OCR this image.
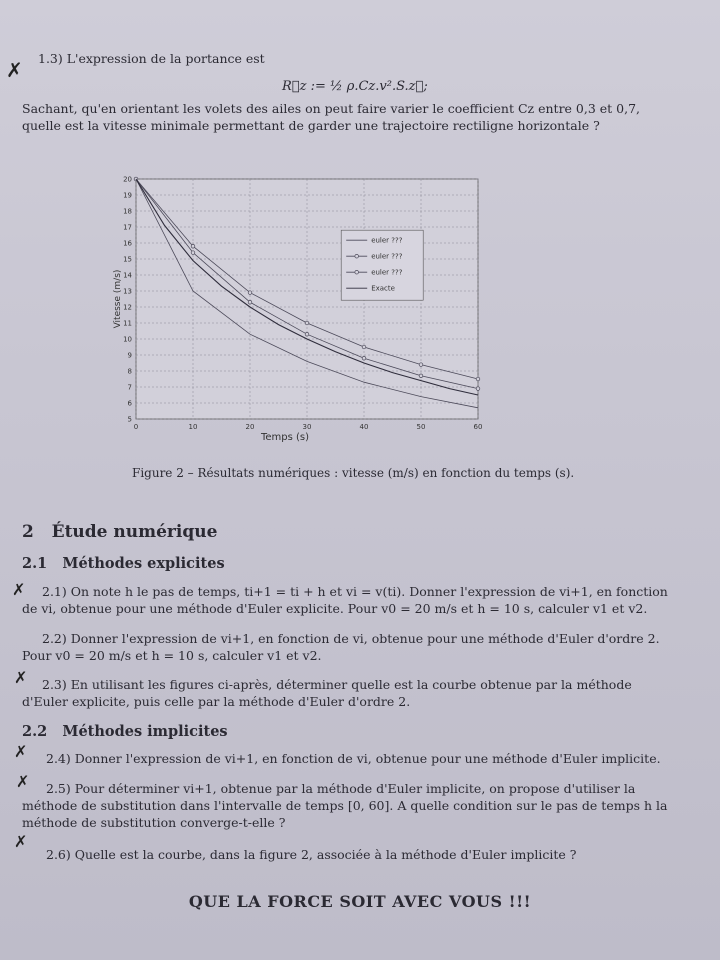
✗
✗
✗
✗
✗
✗
1.3) L'expression de la portance est
R⃗z := ½ ρ.Cz.v².S.z⃗;
Sachant, qu'en orientant les volets des ailes on peut faire varier le coefficient Cz entre 0,3 et 0,7, quelle est la vitesse minimale permettant de garder une trajectoire rectiligne horizontale ?
0	10	20	30	40	50	60
5
6
7
8
9
10
11
12
13
14
15
16
17
18
19
20
Temps (s)
Vitesse (m/s)
euler ???
euler ???
euler ???
Exacte
Figure 2 – Résultats numériques : vitesse (m/s) en fonction du temps (s).
2 Étude numérique
2.1 Méthodes explicites
2.1) On note h le pas de temps, ti+1 = ti + h et vi = v(ti). Donner l'expression de vi+1, en fonction de vi, obtenue pour une méthode d'Euler explicite. Pour v0 = 20 m/s et h = 10 s, calculer v1 et v2.
2.2) Donner l'expression de vi+1, en fonction de vi, obtenue pour une méthode d'Euler d'ordre 2. Pour v0 = 20 m/s et h = 10 s, calculer v1 et v2.
2.3) En utilisant les figures ci-après, déterminer quelle est la courbe obtenue par la méthode d'Euler explicite, puis celle par la méthode d'Euler d'ordre 2.
2.2 Méthodes implicites
2.4) Donner l'expression de vi+1, en fonction de vi, obtenue pour une méthode d'Euler implicite.
2.5) Pour déterminer vi+1, obtenue par la méthode d'Euler implicite, on propose d'utiliser la méthode de substitution dans l'intervalle de temps [0, 60]. A quelle condition sur le pas de temps h la méthode de substitution converge-t-elle ?
2.6) Quelle est la courbe, dans la figure 2, associée à la méthode d'Euler implicite ?
QUE LA FORCE SOIT AVEC VOUS !!!
